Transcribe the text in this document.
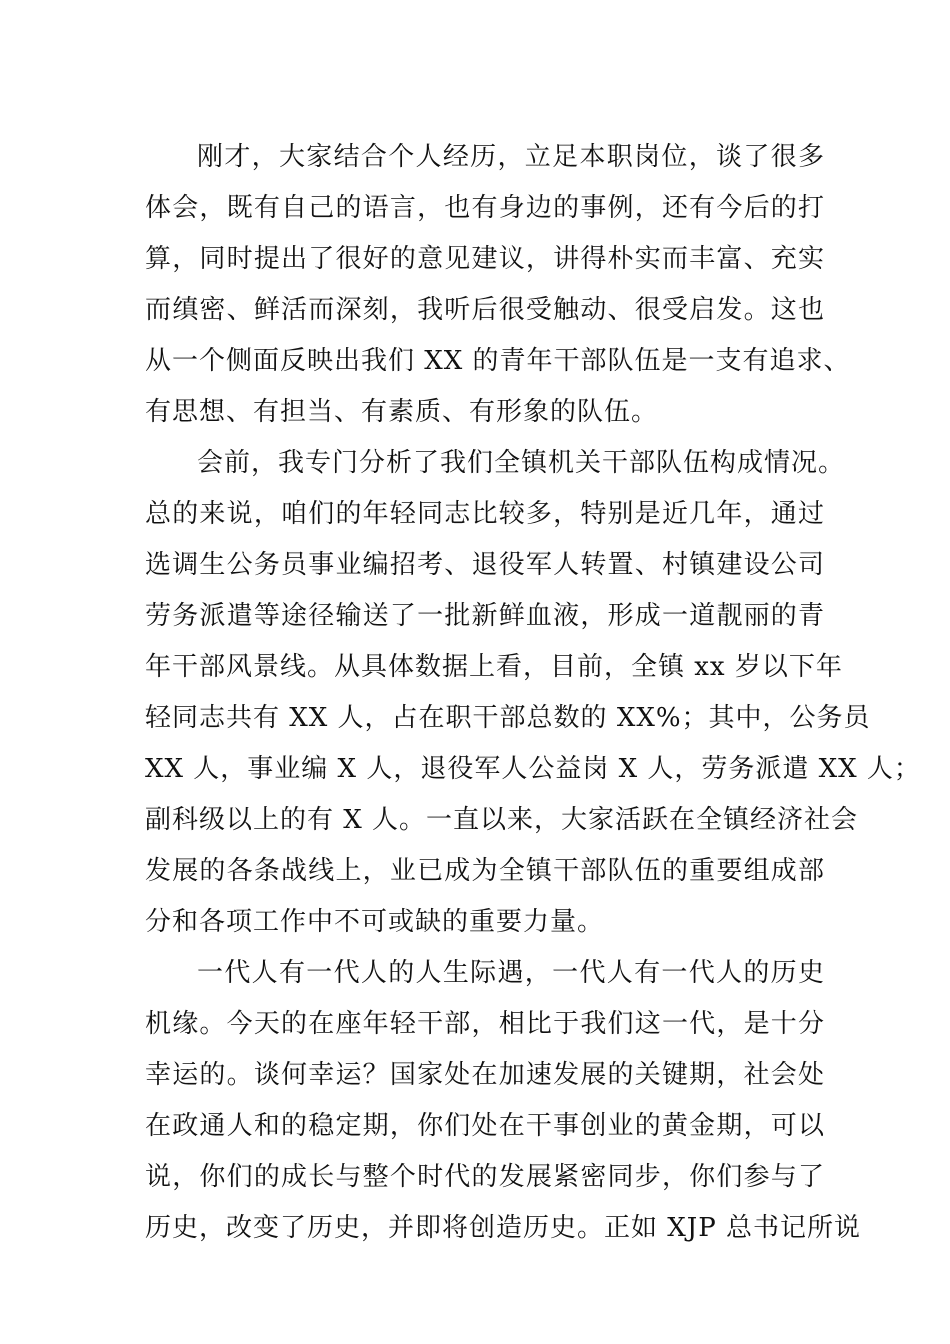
刚才，大家结合个人经历，立足本职岗位，谈了很多
体会，既有自己的语言，也有身边的事例，还有今后的打
算，同时提出了很好的意见建议，讲得朴实而丰富、充实
而缜密、鲜活而深刻，我听后很受触动、很受启发。这也
从一个侧面反映出我们 XX 的青年干部队伍是一支有追求、
有思想、有担当、有素质、有形象的队伍。
会前，我专门分析了我们全镇机关干部队伍构成情况。
总的来说，咱们的年轻同志比较多，特别是近几年，通过
选调生公务员事业编招考、退役军人转置、村镇建设公司
劳务派遣等途径输送了一批新鲜血液，形成一道靓丽的青
年干部风景线。从具体数据上看，目前，全镇 xx 岁以下年
轻同志共有 XX 人，占在职干部总数的 XX%；其中，公务员
XX 人，事业编 X 人，退役军人公益岗 X 人，劳务派遣 XX 人；
副科级以上的有 X 人。一直以来，大家活跃在全镇经济社会
发展的各条战线上，业已成为全镇干部队伍的重要组成部
分和各项工作中不可或缺的重要力量。
一代人有一代人的人生际遇，一代人有一代人的历史
机缘。今天的在座年轻干部，相比于我们这一代，是十分
幸运的。谈何幸运？国家处在加速发展的关键期，社会处
在政通人和的稳定期，你们处在干事创业的黄金期，可以
说，你们的成长与整个时代的发展紧密同步，你们参与了
历史，改变了历史，并即将创造历史。正如 XJP 总书记所说
